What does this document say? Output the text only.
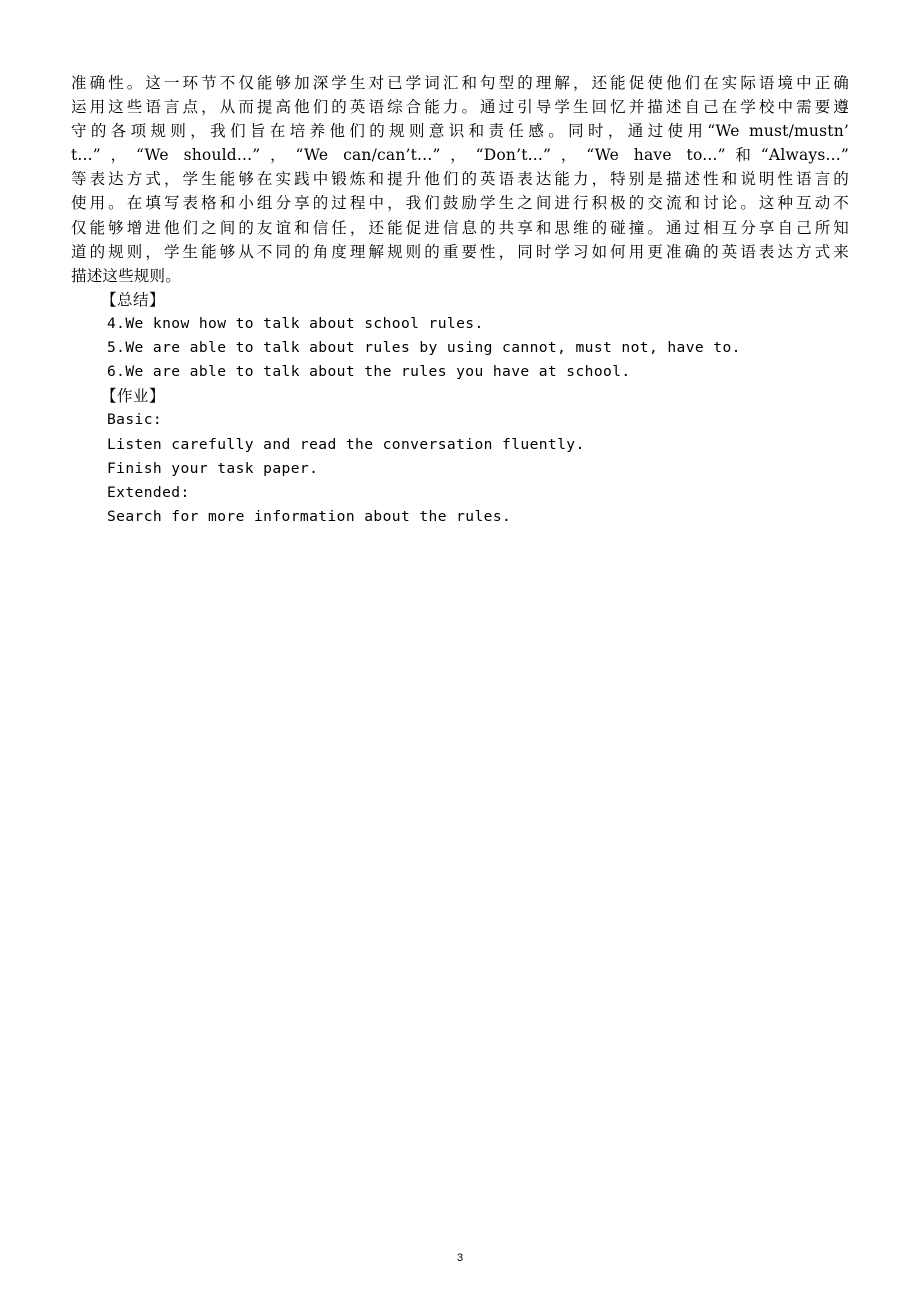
准确性。这一环节不仅能够加深学生对已学词汇和句型的理解，还能促使他们在实际语境中正确
运用这些语言点，从而提高他们的英语综合能力。通过引导学生回忆并描述自己在学校中需要遵
守的各项规则，我们旨在培养他们的规则意识和责任感。同时，通过使用“We must/mustn’
t...”，“We should...”，“We can/can’t...”，“Don’t...”，“We have to...”和“Always...”
等表达方式，学生能够在实践中锻炼和提升他们的英语表达能力，特别是描述性和说明性语言的
使用。在填写表格和小组分享的过程中，我们鼓励学生之间进行积极的交流和讨论。这种互动不
仅能够增进他们之间的友谊和信任，还能促进信息的共享和思维的碰撞。通过相互分享自己所知
道的规则，学生能够从不同的角度理解规则的重要性，同时学习如何用更准确的英语表达方式来
描述这些规则。
【总结】
4.We know how to talk about school rules.
5.We are able to talk about rules by using cannot, must not, have to.
6.We are able to talk about the rules you have at school.
【作业】
Basic:
Listen carefully and read the conversation fluently.
Finish your task paper.
Extended:
Search for more information about the rules.
3
